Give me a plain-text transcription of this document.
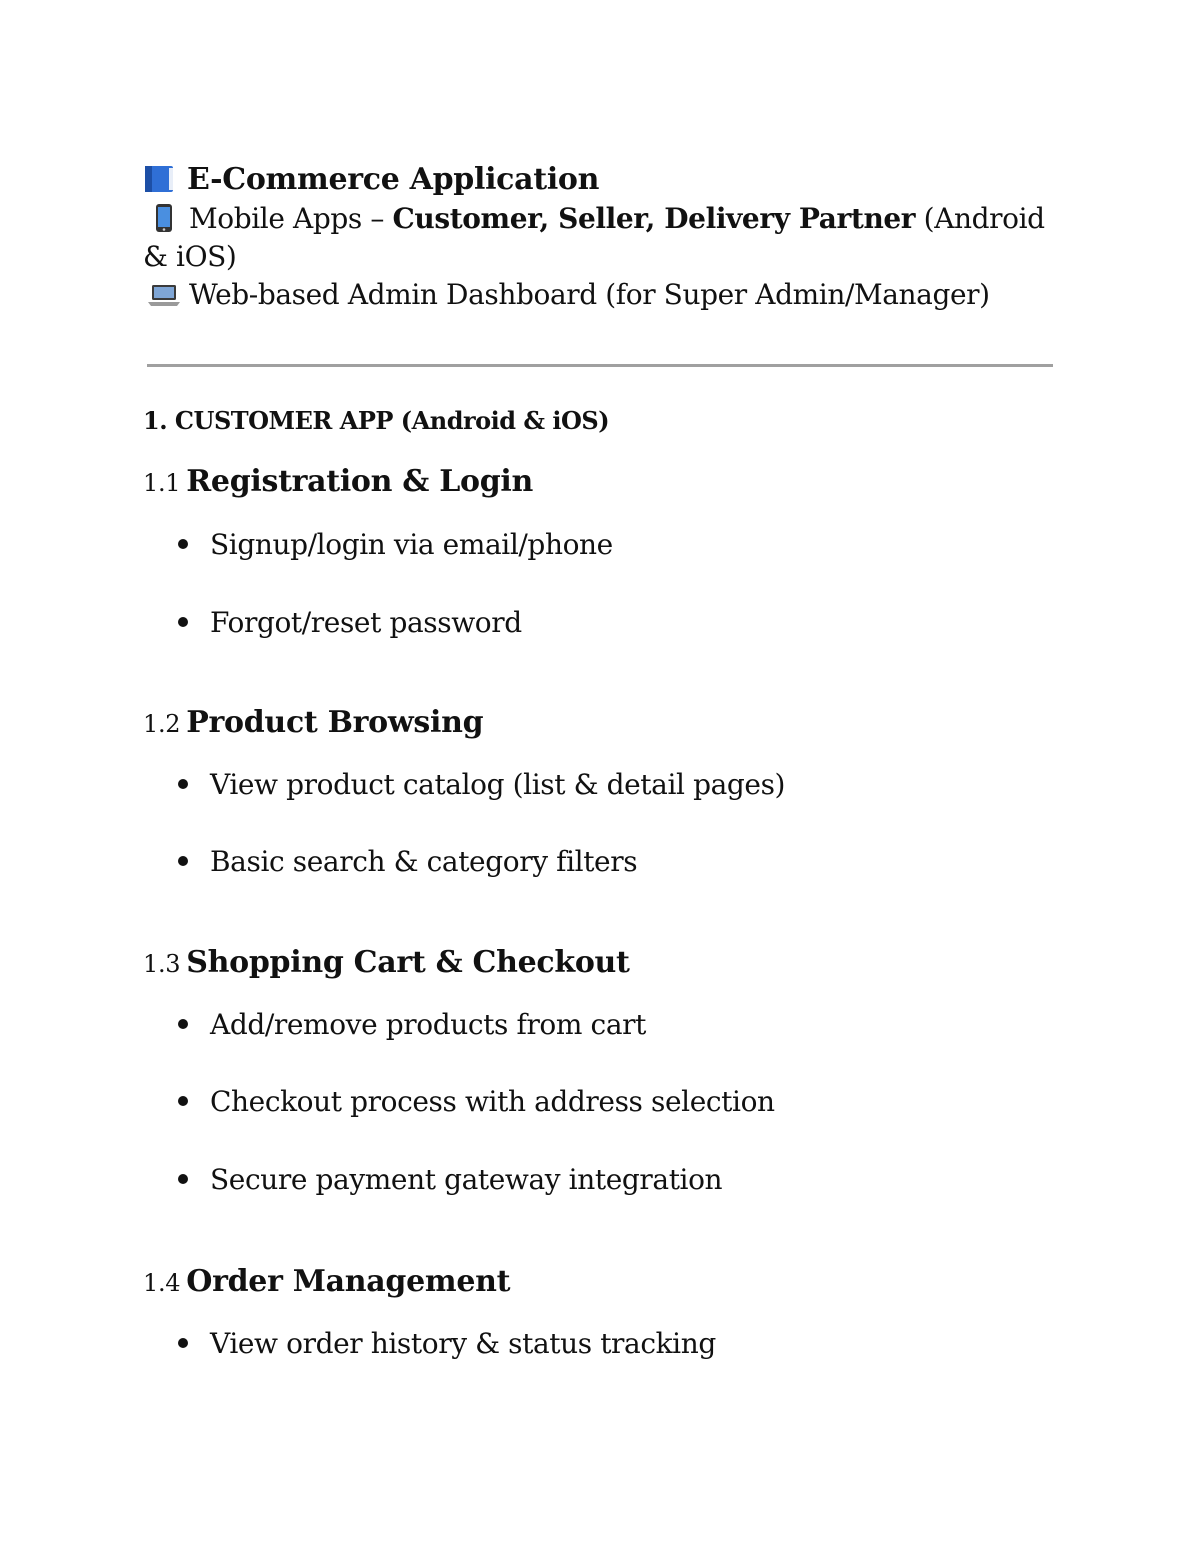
E-Commerce Application
Mobile Apps – Customer, Seller, Delivery Partner (Android
& iOS)
Web-based Admin Dashboard (for Super Admin/Manager)
1. CUSTOMER APP (Android & iOS)
1.1 Registration & Login
Signup/login via email/phone
Forgot/reset password
1.2 Product Browsing
View product catalog (list & detail pages)
Basic search & category filters
1.3 Shopping Cart & Checkout
Add/remove products from cart
Checkout process with address selection
Secure payment gateway integration
1.4 Order Management
View order history & status tracking
